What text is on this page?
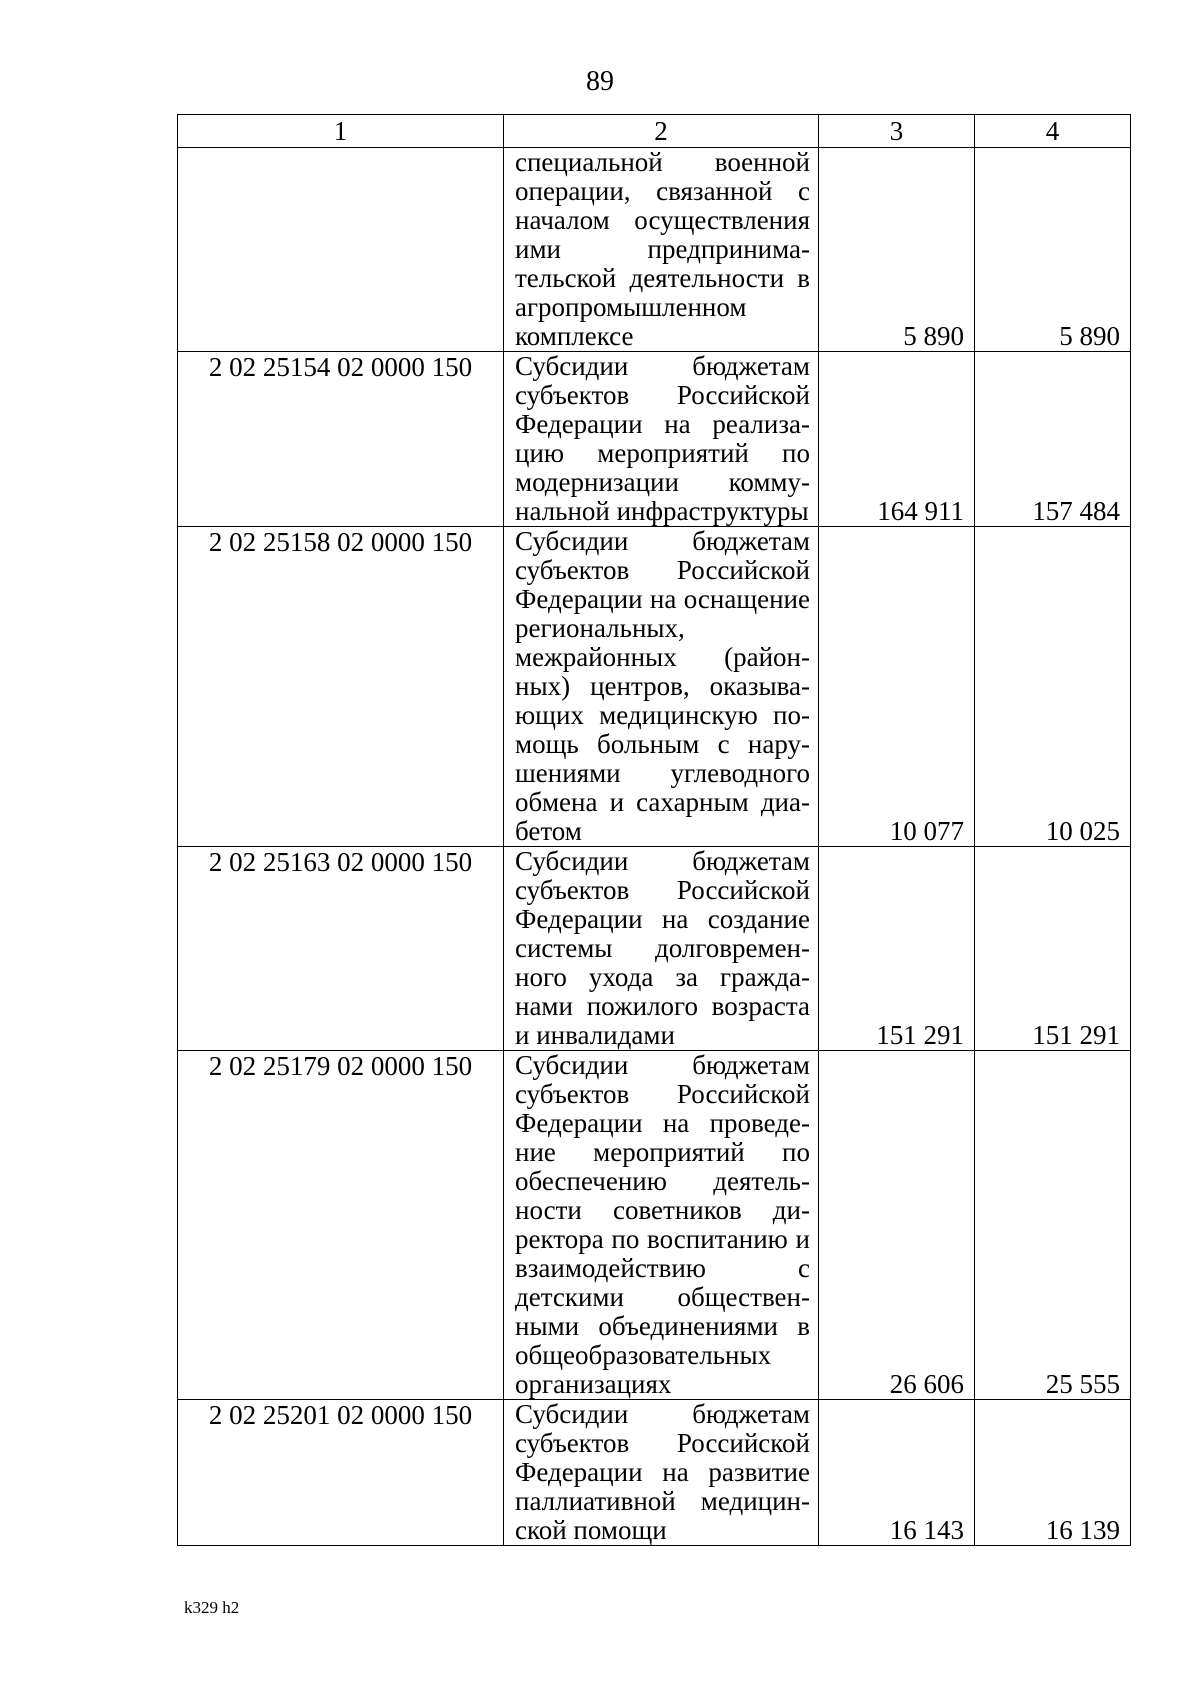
89
1	2	3	4
	специальной военной операции, связанной с началом осуществления ими предпринимательской деятельности в агропромышленном комплексе	5 890	5 890
2 02 25154 02 0000 150	Субсидии бюджетам субъектов Российской Федерации на реализацию мероприятий по модернизации коммунальной инфраструктуры	164 911	157 484
2 02 25158 02 0000 150	Субсидии бюджетам субъектов Российской Федерации на оснащение региональных, межрайонных (районных) центров, оказывающих медицинскую помощь больным с нарушениями углеводного обмена и сахарным диабетом	10 077	10 025
2 02 25163 02 0000 150	Субсидии бюджетам субъектов Российской Федерации на создание системы долговременного ухода за гражданами пожилого возраста и инвалидами	151 291	151 291
2 02 25179 02 0000 150	Субсидии бюджетам субъектов Российской Федерации на проведение мероприятий по обеспечению деятельности советников директора по воспитанию и взаимодействию с детскими общественными объединениями в общеобразовательных организациях	26 606	25 555
2 02 25201 02 0000 150	Субсидии бюджетам субъектов Российской Федерации на развитие паллиативной медицинской помощи	16 143	16 139
k329 h2
